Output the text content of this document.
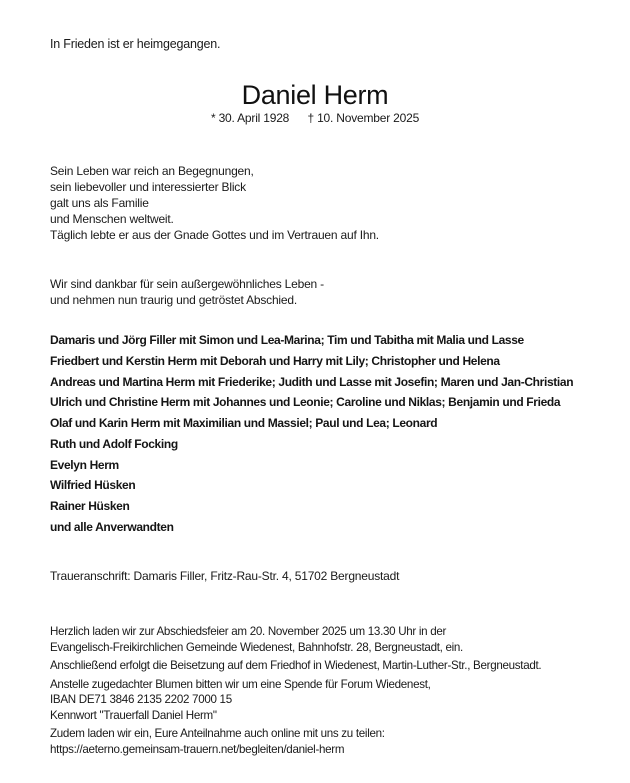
In Frieden ist er heimgegangen.
Daniel Herm
* 30. April 1928 † 10. November 2025
Sein Leben war reich an Begegnungen,
sein liebevoller und interessierter Blick
galt uns als Familie
und Menschen weltweit.
Täglich lebte er aus der Gnade Gottes und im Vertrauen auf Ihn.
Wir sind dankbar für sein außergewöhnliches Leben -
und nehmen nun traurig und getröstet Abschied.
Damaris und Jörg Filler mit Simon und Lea-Marina; Tim und Tabitha mit Malia und Lasse
Friedbert und Kerstin Herm mit Deborah und Harry mit Lily; Christopher und Helena
Andreas und Martina Herm mit Friederike; Judith und Lasse mit Josefin; Maren und Jan-Christian
Ulrich und Christine Herm mit Johannes und Leonie; Caroline und Niklas; Benjamin und Frieda
Olaf und Karin Herm mit Maximilian und Massiel; Paul und Lea; Leonard
Ruth und Adolf Focking
Evelyn Herm
Wilfried Hüsken
Rainer Hüsken
und alle Anverwandten
Traueranschrift: Damaris Filler, Fritz-Rau-Str. 4, 51702 Bergneustadt
Herzlich laden wir zur Abschiedsfeier am 20. November 2025 um 13.30 Uhr in der
Evangelisch-Freikirchlichen Gemeinde Wiedenest, Bahnhofstr. 28, Bergneustadt, ein.
Anschließend erfolgt die Beisetzung auf dem Friedhof in Wiedenest, Martin-Luther-Str., Bergneustadt.
Anstelle zugedachter Blumen bitten wir um eine Spende für Forum Wiedenest,
IBAN DE71 3846 2135 2202 7000 15
Kennwort "Trauerfall Daniel Herm"
Zudem laden wir ein, Eure Anteilnahme auch online mit uns zu teilen:
https://aeterno.gemeinsam-trauern.net/begleiten/daniel-herm
